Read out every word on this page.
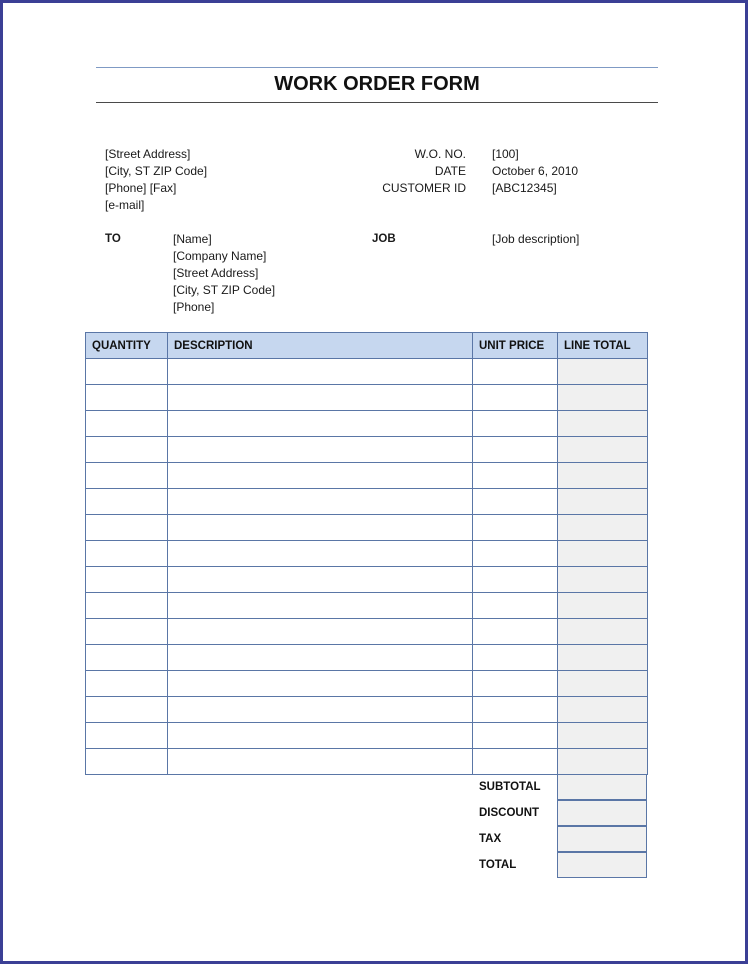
WORK ORDER FORM
[Street Address]
[City, ST ZIP Code]
[Phone] [Fax]
[e-mail]
W.O. NO. [100]
DATE October 6, 2010
CUSTOMER ID [ABC12345]
TO	[Name]
[Company Name]
[Street Address]
[City, ST ZIP Code]
[Phone]
JOB	[Job description]
QUANTITY	DESCRIPTION	UNIT PRICE	LINE TOTAL

SUBTOTAL
DISCOUNT
TAX
TOTAL
